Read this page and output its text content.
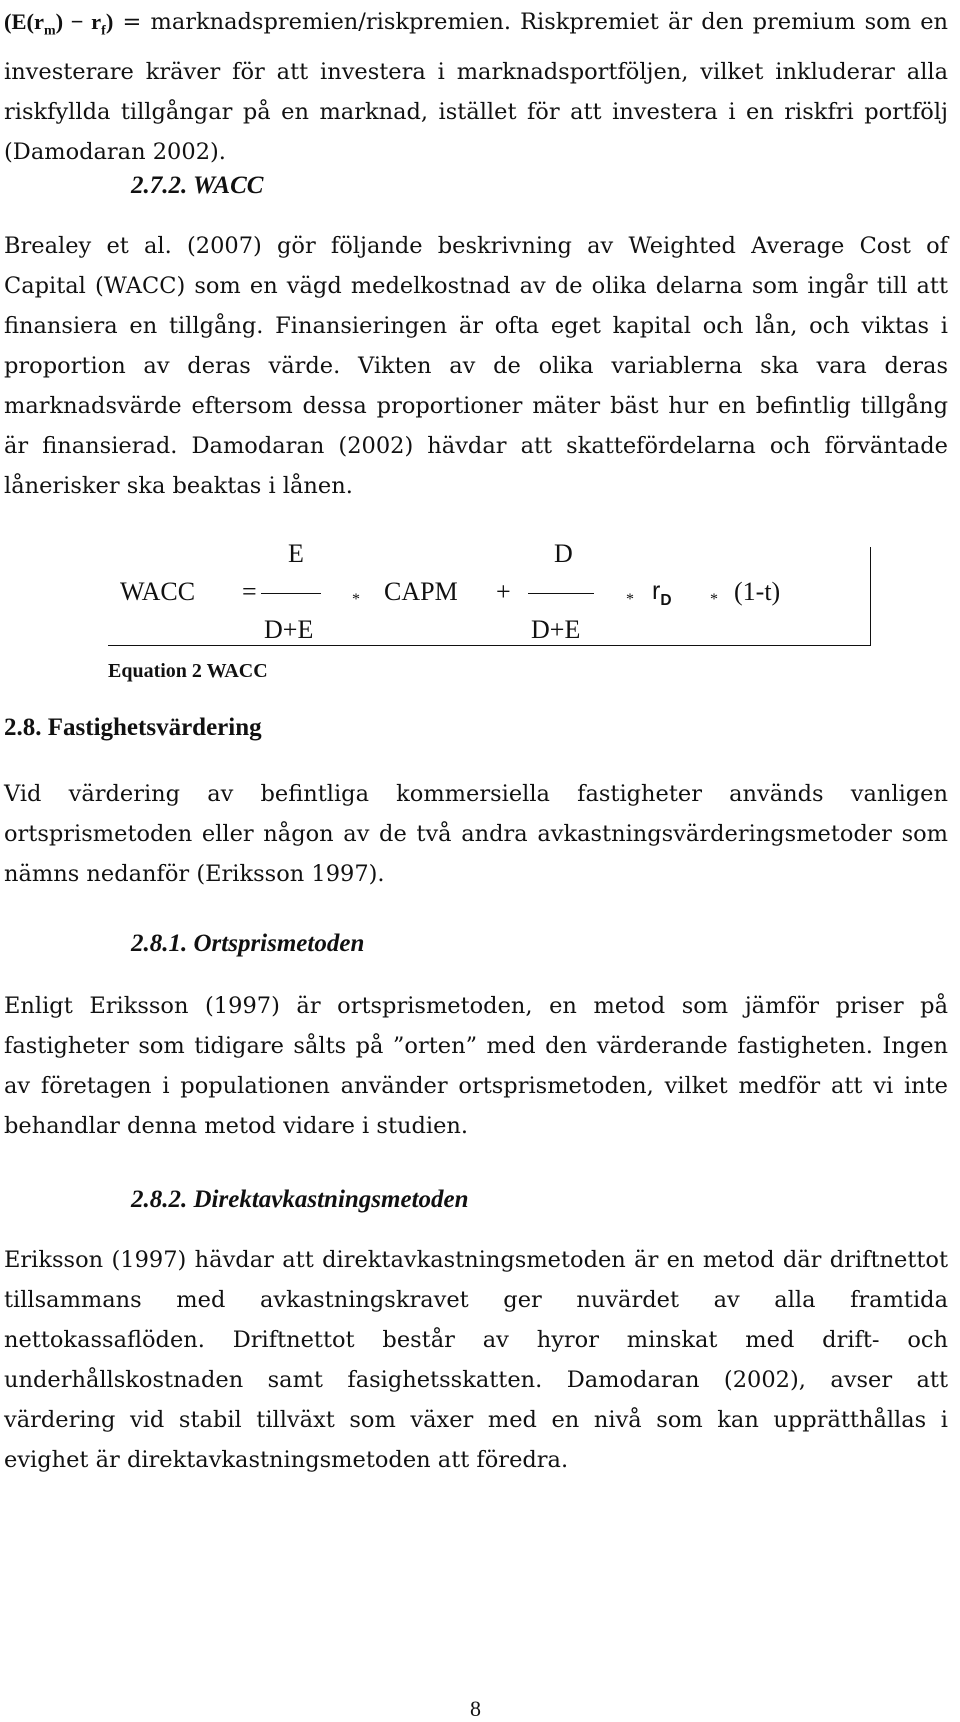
$(E(r_m) - r_f)$ = marknadspremien/riskpremien. Riskpremiet är den premium som en investerare kräver för att investera i marknadsportföljen, vilket inkluderar alla riskfyllda tillgångar på en marknad, istället för att investera i en riskfri portfölj (Damodaran 2002).

2.7.2. WACC

Brealey et al. (2007) gör följande beskrivning av Weighted Average Cost of Capital (WACC) som en vägd medelkostnad av de olika delarna som ingår till att finansiera en tillgång. Finansieringen är ofta eget kapital och lån, och viktas i proportion av deras värde. Vikten av de olika variablerna ska vara deras marknadsvärde eftersom dessa proportioner mäter bäst hur en befintlig tillgång är finansierad. Damodaran (2002) hävdar att skattefördelarna och förväntade lånerisker ska beaktas i lånen.

WACC =
E
D+E
* CAPM +
D
D+E
* $r_D * (1-t)$
Equation 2 WACC
2.8. Fastighetsvärdering

Vid värdering av befintliga kommersiella fastigheter används vanligen ortsprismetoden eller någon av de två andra avkastningsvärderingsmetoder som nämns nedanför (Eriksson 1997).

2.8.1. Ortsprismetoden

Enligt Eriksson (1997) är ortsprismetoden, en metod som jämför priser på fastigheter som tidigare sålts på ”orten” med den värderande fastigheten. Ingen av företagen i populationen använder ortsprismetoden, vilket medför att vi inte behandlar denna metod vidare i studien.

2.8.2. Direktavkastningsmetoden

Eriksson (1997) hävdar att direktavkastningsmetoden är en metod där driftnettot tillsammans med avkastningskravet ger nuvärdet av alla framtida nettokassaflöden. Driftnettot består av hyror minskat med drift- och underhållskostnaden samt fasighetsskatten. Damodaran (2002), avser att värdering vid stabil tillväxt som växer med en nivå som kan upprätthållas i evighet är direktavkastningsmetoden att föredra.

8
